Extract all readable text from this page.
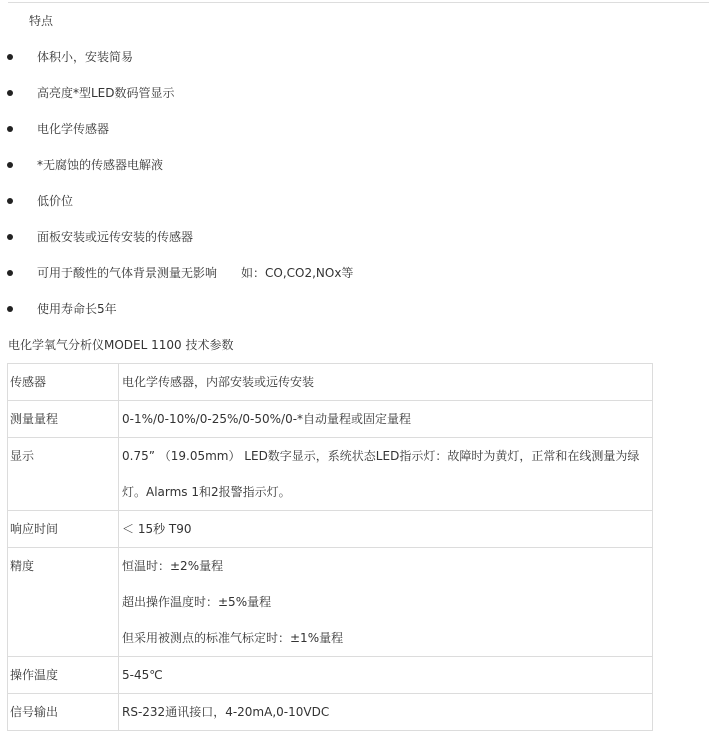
特点
体积小，安装简易
高亮度*型LED数码管显示
电化学传感器
*无腐蚀的传感器电解液
低价位
面板安装或远传安装的传感器
可用于酸性的气体背景测量无影响　　如：CO,CO2,NOx等
使用寿命长5年
电化学氧气分析仪MODEL 1100 技术参数
传感器	电化学传感器，内部安装或远传安装

测量量程	0-1%/0-10%/0-25%/0-50%/0-*自动量程或固定量程

显示	0.75” （19.05mm） LED数字显示，系统状态LED指示灯：故障时为黄灯，正常和在线测量为绿
灯。Alarms 1和2报警指示灯。

响应时间	＜ 15秒 T90

精度	恒温时：±2%量程
超出操作温度时：±5%量程
但采用被测点的标准气标定时：±1%量程

操作温度	5-45℃

信号输出	RS-232通讯接口，4-20mA,0-10VDC
